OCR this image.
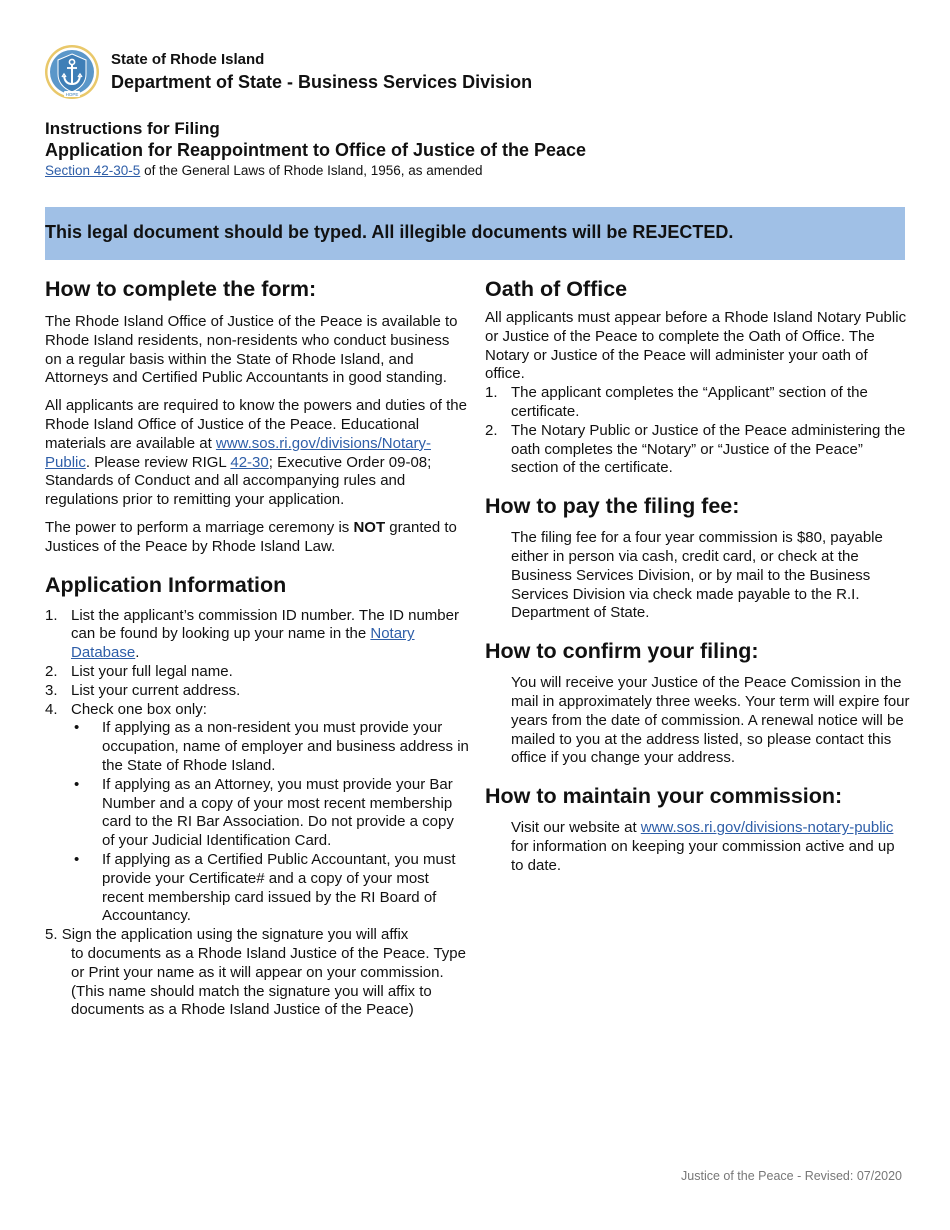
HOPE
State of Rhode Island
Department of State - Business Services Division
Instructions for Filing
Application for Reappointment to Office of Justice of the Peace
Section 42-30-5 of the General Laws of Rhode Island, 1956, as amended
This legal document should be typed. All illegible documents will be REJECTED.
How to complete the form:

The Rhode Island Office of Justice of the Peace is available to Rhode Island residents, non-residents who conduct business on a regular basis within the State of Rhode Island, and Attorneys and Certified Public Accountants in good standing.

All applicants are required to know the powers and duties of the Rhode Island Office of Justice of the Peace. Educational materials are available at www.sos.ri.gov/divisions/Notary-Public. Please review RIGL 42-30; Executive Order 09-08; Standards of Conduct and all accompanying rules and regulations prior to remitting your application.

The power to perform a marriage ceremony is NOT granted to Justices of the Peace by Rhode Island Law.

Application Information
1. List the applicant’s commission ID number. The ID number can be found by looking up your name in the Notary Database.
2. List your full legal name.
3. List your current address.
4. Check one box only:
• If applying as a non-resident you must provide your occupation, name of employer and business address in the State of Rhode Island.
• If applying as an Attorney, you must provide your Bar Number and a copy of your most recent membership card to the RI Bar Association. Do not provide a copy of your Judicial Identification Card.
• If applying as a Certified Public Accountant, you must provide your Certificate# and a copy of your most recent membership card issued by the RI Board of Accountancy.
5. Sign the application using the signature you will affix
to documents as a Rhode Island Justice of the Peace. Type or Print your name as it will appear on your commission. (This name should match the signature you will affix to documents as a Rhode Island Justice of the Peace)
Oath of Office

All applicants must appear before a Rhode Island Notary Public or Justice of the Peace to complete the Oath of Office. The Notary or Justice of the Peace will administer your oath of office.

1. The applicant completes the “Applicant” section of the certificate.
2. The Notary Public or Justice of the Peace administering the oath completes the “Notary” or “Justice of the Peace” section of the certificate.
How to pay the filing fee:

The filing fee for a four year commission is $80, payable either in person via cash, credit card, or check at the Business Services Division, or by mail to the Business Services Division via check made payable to the R.I. Department of State.

How to confirm your filing:

You will receive your Justice of the Peace Comission in the mail in approximately three weeks. Your term will expire four years from the date of commission. A renewal notice will be mailed to you at the address listed, so please contact this office if you change your address.

How to maintain your commission:

Visit our website at www.sos.ri.gov/divisions-notary-public for information on keeping your commission active and up to date.

Justice of the Peace - Revised: 07/2020
